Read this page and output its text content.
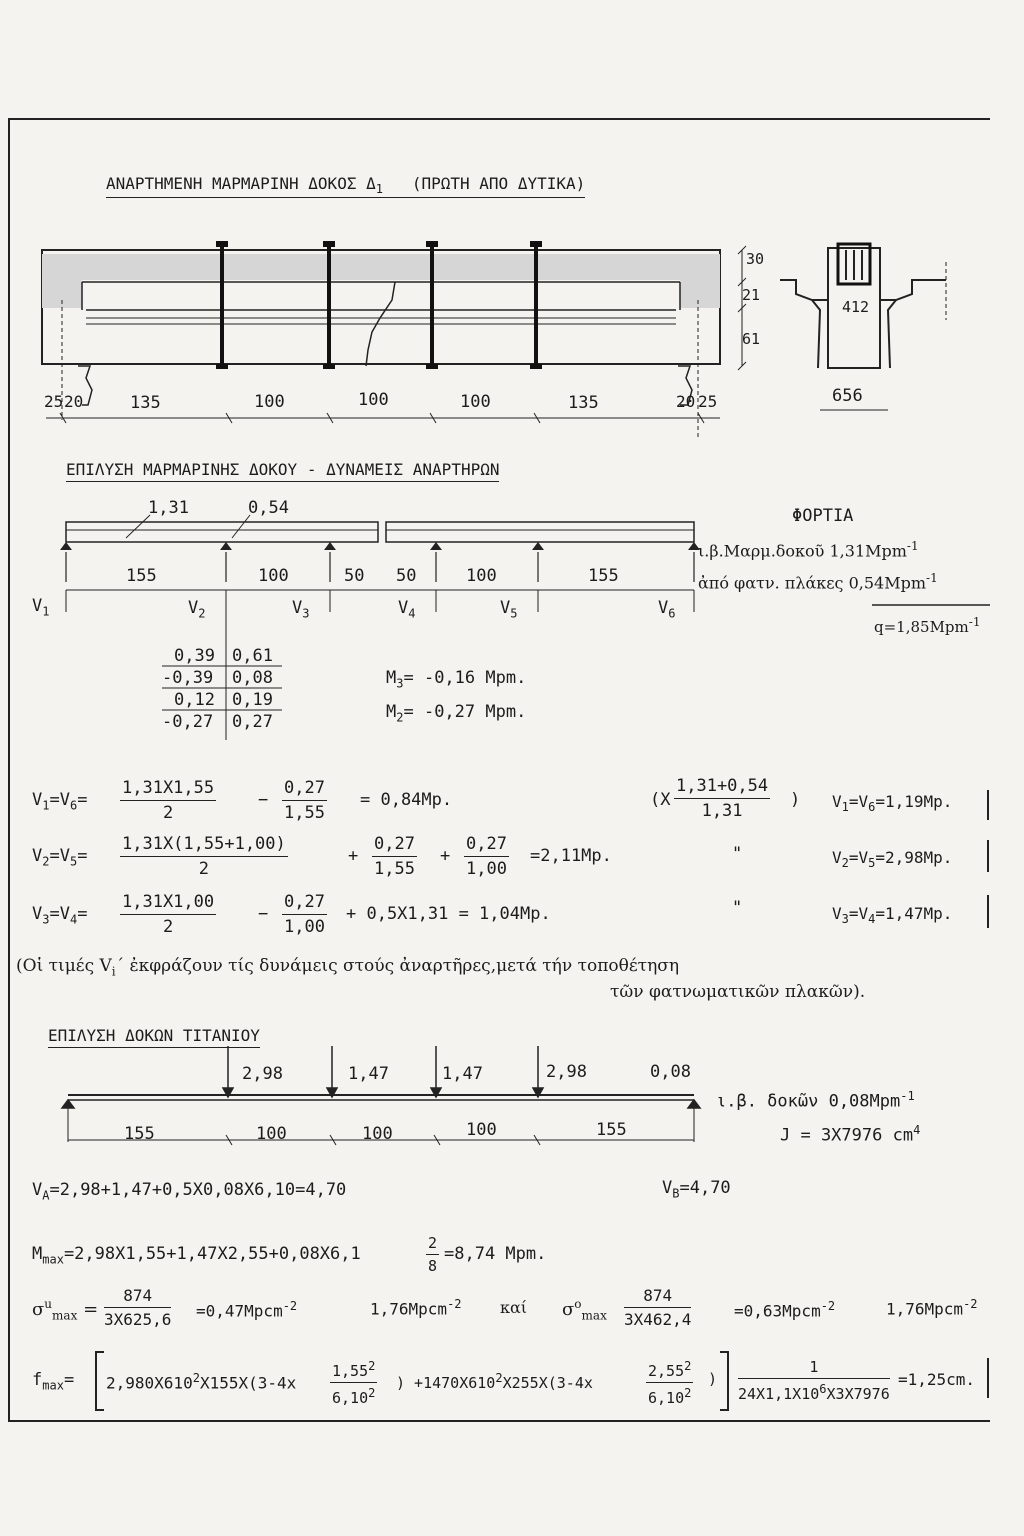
ΑΝΑΡΤΗΜΕΝΗ ΜΑΡΜΑΡΙΝΗ ΔΟΚΟΣ $\Delta_1$ (ΠΡΩΤΗ ΑΠΟ ΔΥΤΙΚΑ)
25 20	135	100	100	100	135	20 25
30
21
61
412
656
ΕΠΙΛΥΣΗ ΜΑΡΜΑΡΙΝΗΣ ΔΟΚΟΥ - ΔΥΝΑΜΕΙΣ ΑΝΑΡΤΗΡΩΝ
1,31	0,54
155	100	50 50	100	155
$V_1$	$V_2$	$V_3$	$V_4$	$V_5$	$V_6$
ΦΟΡΤΙΑ
ι.β.Μαρμ.δοκοῦ 1,31Mpm$^{-1}$
ἀπό φατν. πλάκες 0,54Mpm$^{-1}$
q=1,85Mpm$^{-1}$
0,39 0,61
-0,39 0,08
0,12 0,19
-0,27 0,27
$M_3= -0,16$ Mpm.
$M_2= -0,27$ Mpm.
$V_1=V_6= \frac{1,31X1,55}{2} - \frac{0,27}{1,55} = 0,84Mp$.
$V_2=V_5= \frac{1,31X(1,55+1,00)}{2}$	+ $\frac{0,27}{1,55} + \frac{0,27}{1,00} =2,11Mp$.
$V_3=V_4= \frac{1,31X1,00}{2} - \frac{0,27}{1,00} + 0,5X1,31 = 1,04Mp$.
($X \frac{1,31+0,54}{1,31}$ )
"
"
$V_1=V_6=1,19Mp$.
$V_2=V_5=2,98Mp$.
$V_3=V_4=1,47Mp$.
(Οἱ τιμές $V_i´$ ἐκφράζουν τίς δυνάμεις στούς ἀναρτῆρες,μετά τήν τοποθέτηση
τῶν φατνωματικῶν πλακῶν).
ΕΠΙΛΥΣΗ ΔΟΚΩΝ ΤΙΤΑΝΙΟΥ
2,98	1,47	1,47	2,98	0,08
155	100	100	100	155
ι.β. δοκῶν 0,08Mpm$^{-1}$
J = 3X7976 $cm^4$
$V_A=2,98+1,47+0,5X0,08X6,10=4,70$	$V_B=4,70$
$M_{max}=2,98X1,55+1,47X2,55+0,08X6,1$	$\frac{2}{8} =8,74$ Mpm.
$\sigma^u_{max} = \frac{874}{3X625,6}$ =0,47Mpcm$^{-2}$	1,76Mpcm$^{-2}$ καί $\sigma^o_{max} \frac{874}{3X462,4}$	=0,63Mpcm$^{-2}$	1,76Mpcm$^{-2}$
$f_{max}= 2,980X610^2X155X(3-4x \frac{1,55^2}{6,10^2}$ ) $+1470X610^2X255X(3-4x$	$\frac{2,55^2}{6,10^2}$ ) $\frac{1}{24X1,1X10^6X3X7976} =1,25cm$.
